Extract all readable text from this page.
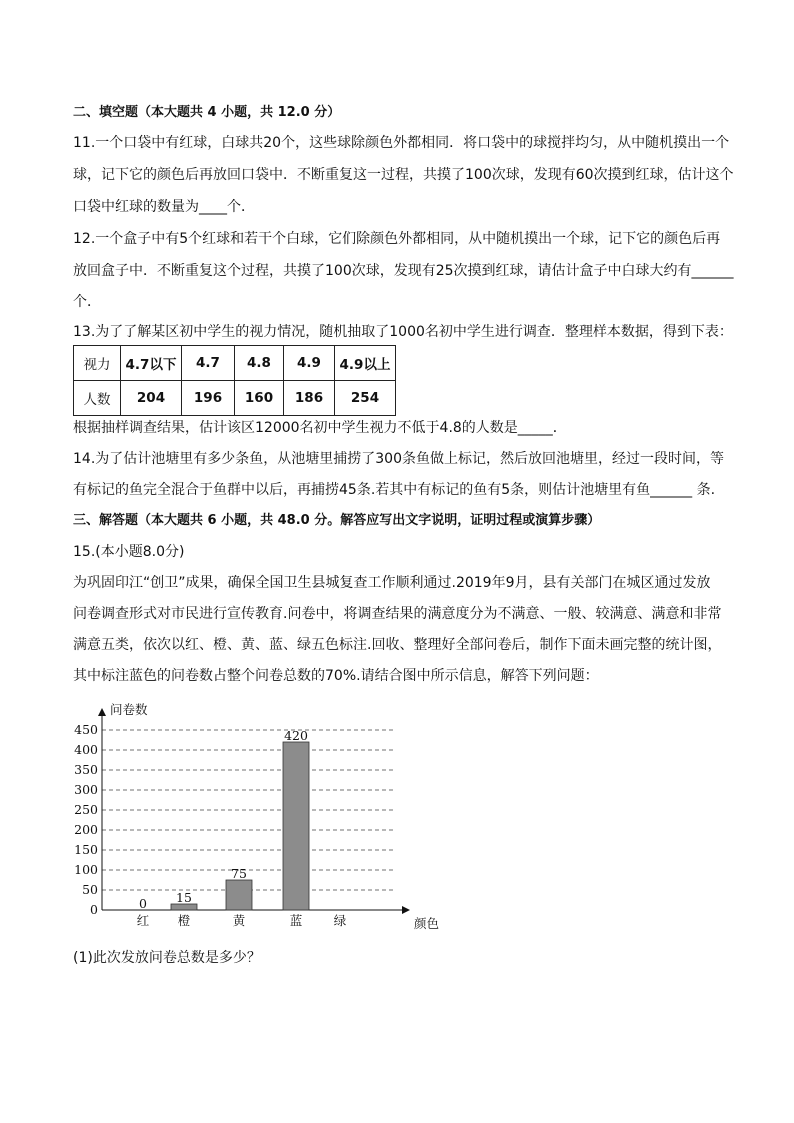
二、填空题（本大题共 4 小题，共 12.0 分）
11.一个口袋中有红球，白球共20个，这些球除颜色外都相同．将口袋中的球搅拌均匀，从中随机摸出一个
球，记下它的颜色后再放回口袋中．不断重复这一过程，共摸了100次球，发现有60次摸到红球，估计这个
口袋中红球的数量为____个．
12.一个盒子中有5个红球和若干个白球，它们除颜色外都相同，从中随机摸出一个球，记下它的颜色后再
放回盒子中．不断重复这个过程，共摸了100次球，发现有25次摸到红球，请估计盒子中白球大约有______
个．
13.为了了解某区初中学生的视力情况，随机抽取了1000名初中学生进行调查．整理样本数据，得到下表：
视力	4.7以下	4.7	4.8	4.9	4.9以上
人数	204	196	160	186	254
根据抽样调查结果，估计该区12000名初中学生视力不低于4.8的人数是_____．
14.为了估计池塘里有多少条鱼，从池塘里捕捞了300条鱼做上标记，然后放回池塘里，经过一段时间，等
有标记的鱼完全混合于鱼群中以后，再捕捞45条.若其中有标记的鱼有5条，则估计池塘里有鱼______ 条.
三、解答题（本大题共 6 小题，共 48.0 分。解答应写出文字说明，证明过程或演算步骤）
15.(本小题8.0分)
为巩固印江“创卫”成果，确保全国卫生县城复查工作顺利通过.2019年9月，县有关部门在城区通过发放
问卷调查形式对市民进行宣传教育.问卷中，将调查结果的满意度分为不满意、一般、较满意、满意和非常
满意五类，依次以红、橙、黄、蓝、绿五色标注.回收、整理好全部问卷后，制作下面未画完整的统计图，
其中标注蓝色的问卷数占整个问卷总数的70%.请结合图中所示信息，解答下列问题：
0
50
100
150
200
250
300
350
400
450
问卷数
颜色
0
红
15
橙
75
黄
420
蓝	绿
(1)此次发放问卷总数是多少？
